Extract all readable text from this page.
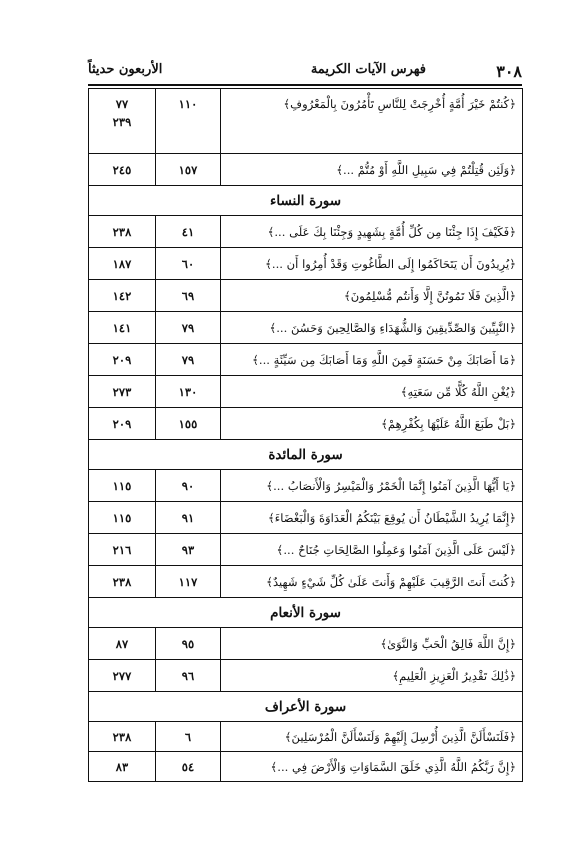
٣٠٨
فهرس الآيات الكريمة
الأربعون حديثاً
﴿كُنتُمْ خَيْرَ أُمَّةٍ أُخْرِجَتْ لِلنَّاسِ تَأْمُرُونَ بِالْمَعْرُوفِ﴾	١١٠	٧٧
٢٣٩

﴿وَلَئِن قُتِلْتُمْ فِي سَبِيلِ اللَّهِ أَوْ مُتُّمْ ...﴾	١٥٧	٢٤٥

سورة النساء		
﴿فَكَيْفَ إِذَا جِئْنَا مِن كُلِّ أُمَّةٍ بِشَهِيدٍ وَجِئْنَا بِكَ عَلَى ...﴾	٤١	٢٣٨

﴿يُرِيدُونَ أَن يَتَحَاكَمُوا إِلَى الطَّاغُوتِ وَقَدْ أُمِرُوا أَن ...﴾	٦٠	١٨٧

﴿الَّذِينَ فَلَا تَمُوتُنَّ إِلَّا وَأَنتُم مُّسْلِمُونَ﴾	٦٩	١٤٢

﴿النَّبِيِّينَ وَالصِّدِّيقِينَ وَالشُّهَدَاءِ وَالصَّالِحِينَ وَحَسُنَ ...﴾	٧٩	١٤١

﴿مَا أَصَابَكَ مِنْ حَسَنَةٍ فَمِنَ اللَّهِ وَمَا أَصَابَكَ مِن سَيِّئَةٍ ...﴾	٧٩	٢٠٩

﴿يُغْنِ اللَّهُ كُلًّا مِّن سَعَتِهِ﴾	١٣٠	٢٧٣

﴿بَلْ طَبَعَ اللَّهُ عَلَيْهَا بِكُفْرِهِمْ﴾	١٥٥	٢٠٩

سورة المائدة		
﴿يَا أَيُّهَا الَّذِينَ آمَنُوا إِنَّمَا الْخَمْرُ وَالْمَيْسِرُ وَالْأَنصَابُ ...﴾	٩٠	١١٥

﴿إِنَّمَا يُرِيدُ الشَّيْطَانُ أَن يُوقِعَ بَيْنَكُمُ الْعَدَاوَةَ وَالْبَغْضَاءَ﴾	٩١	١١٥

﴿لَيْسَ عَلَى الَّذِينَ آمَنُوا وَعَمِلُوا الصَّالِحَاتِ جُنَاحٌ ...﴾	٩٣	٢١٦

﴿كُنتَ أَنتَ الرَّقِيبَ عَلَيْهِمْ وَأَنتَ عَلَىٰ كُلِّ شَيْءٍ شَهِيدٌ﴾	١١٧	٢٣٨

سورة الأنعام		
﴿إِنَّ اللَّهَ فَالِقُ الْحَبِّ وَالنَّوَىٰ﴾	٩٥	٨٧

﴿ذَٰلِكَ تَقْدِيرُ الْعَزِيزِ الْعَلِيمِ﴾	٩٦	٢٧٧

سورة الأعراف		
﴿فَلَنَسْأَلَنَّ الَّذِينَ أُرْسِلَ إِلَيْهِمْ وَلَنَسْأَلَنَّ الْمُرْسَلِينَ﴾	٦	٢٣٨

﴿إِنَّ رَبَّكُمُ اللَّهُ الَّذِي خَلَقَ السَّمَاوَاتِ وَالْأَرْضَ فِي ...﴾	٥٤	٨٣
